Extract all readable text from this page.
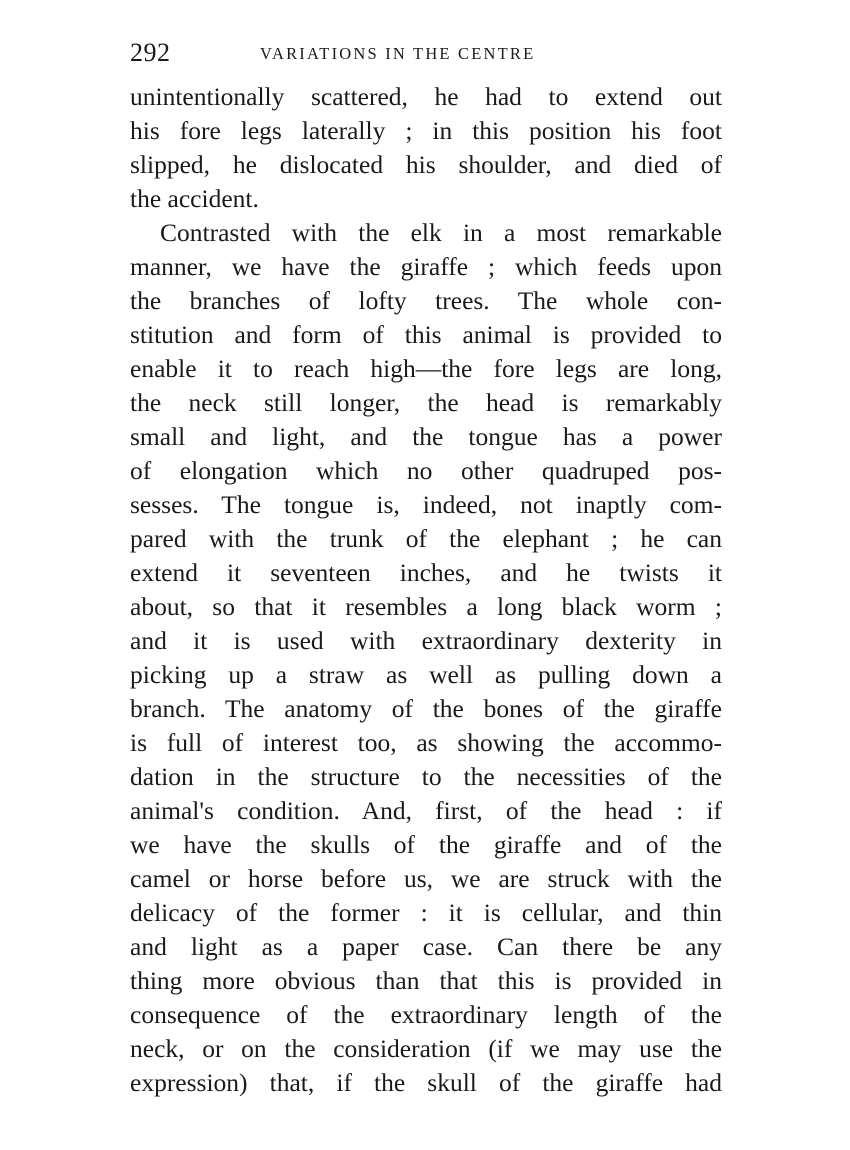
292	VARIATIONS IN THE CENTRE
unintentionally scattered, he had to extend out
his fore legs laterally ; in this position his foot
slipped, he dislocated his shoulder, and died of
the accident.
Contrasted with the elk in a most remarkable
manner, we have the giraffe ; which feeds upon
the branches of lofty trees. The whole con-
stitution and form of this animal is provided to
enable it to reach high—the fore legs are long,
the neck still longer, the head is remarkably
small and light, and the tongue has a power
of elongation which no other quadruped pos-
sesses. The tongue is, indeed, not inaptly com-
pared with the trunk of the elephant ; he can
extend it seventeen inches, and he twists it
about, so that it resembles a long black worm ;
and it is used with extraordinary dexterity in
picking up a straw as well as pulling down a
branch. The anatomy of the bones of the giraffe
is full of interest too, as showing the accommo-
dation in the structure to the necessities of the
animal's condition. And, first, of the head : if
we have the skulls of the giraffe and of the
camel or horse before us, we are struck with the
delicacy of the former : it is cellular, and thin
and light as a paper case. Can there be any
thing more obvious than that this is provided in
consequence of the extraordinary length of the
neck, or on the consideration (if we may use the
expression) that, if the skull of the giraffe had
